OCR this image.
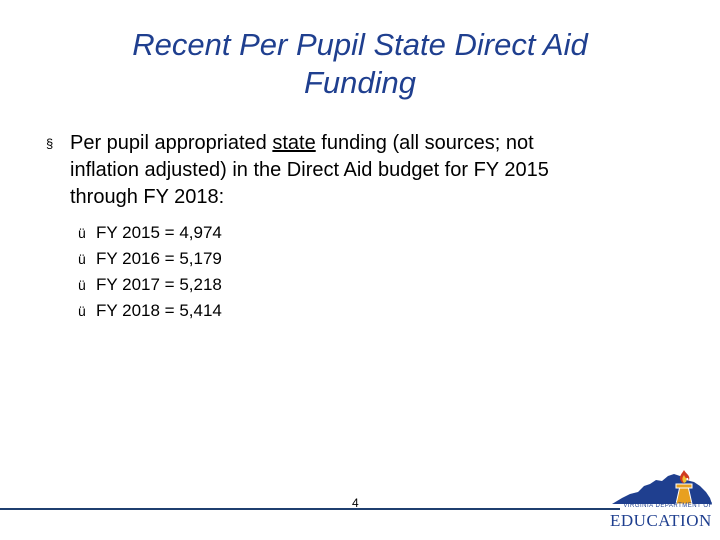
Recent Per Pupil State Direct Aid
Funding
§ Per pupil appropriated state funding (all sources; not
inflation adjusted) in the Direct Aid budget for FY 2015
through FY 2018:
ü FY 2015 = 4,974
ü FY 2016 = 5,179
ü FY 2017 = 5,218
ü FY 2018 = 5,414
4	VIRGINIA DEPARTMENT OF
EDUCATION
